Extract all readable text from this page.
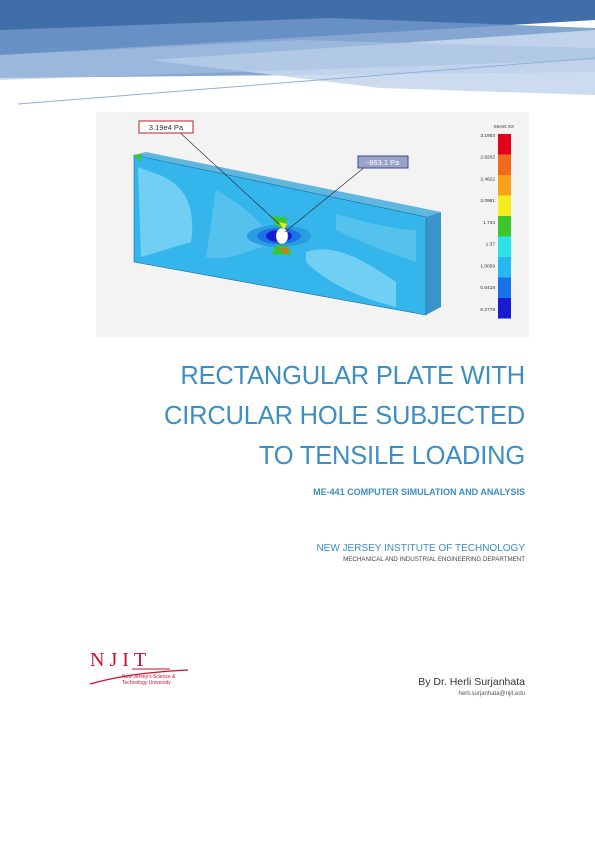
3.19e4 Pa
-863.1 Pa
Stress XX
3.1903
2.8262
2.4622
2.0981
1.734
1.37
1.0059
0.6418
0.2778
RECTANGULAR PLATE WITH
CIRCULAR HOLE SUBJECTED
TO TENSILE LOADING
ME-441 COMPUTER SIMULATION AND ANALYSIS
NEW JERSEY INSTITUTE OF TECHNOLOGY
MECHANICAL AND INDUSTRIAL ENGINEERING DEPARTMENT
NJIT
New Jersey's Science &
Technology University	By Dr. Herli Surjanhata
herli.surjanhata@njit.edu
